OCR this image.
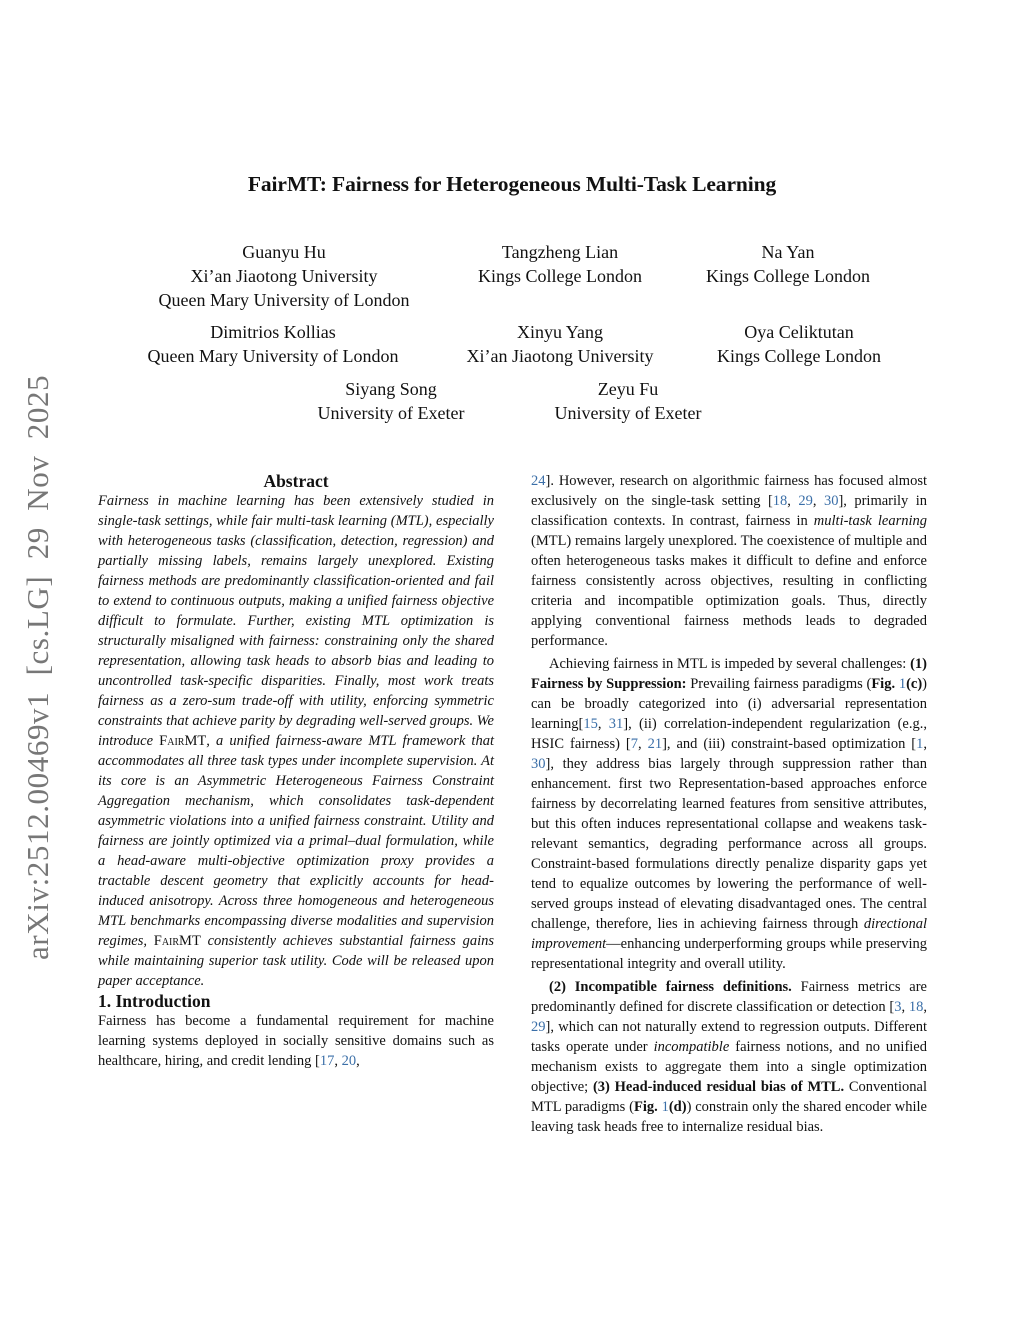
arXiv:2512.00469v1 [cs.LG] 29 Nov 2025
FairMT: Fairness for Heterogeneous Multi-Task Learning
Guanyu Hu
Xi’an Jiaotong University
Queen Mary University of London
Tangzheng Lian
Kings College London
Na Yan
Kings College London
Dimitrios Kollias
Queen Mary University of London
Xinyu Yang
Xi’an Jiaotong University
Oya Celiktutan
Kings College London
Siyang Song
University of Exeter
Zeyu Fu
University of Exeter

Abstract

Fairness in machine learning has been extensively studied in single-task settings, while fair multi-task learning (MTL), especially with heterogeneous tasks (classification, detection, regression) and partially missing labels, remains largely unexplored. Existing fairness methods are predominantly classification-oriented and fail to extend to continuous outputs, making a unified fairness objective difficult to formulate. Further, existing MTL optimization is structurally misaligned with fairness: constraining only the shared representation, allowing task heads to absorb bias and leading to uncontrolled task-specific disparities. Finally, most work treats fairness as a zero-sum trade-off with utility, enforcing symmetric constraints that achieve parity by degrading well-served groups. We introduce FairMT, a unified fairness-aware MTL framework that accommodates all three task types under incomplete supervision. At its core is an Asymmetric Heterogeneous Fairness Constraint Aggregation mechanism, which consolidates task-dependent asymmetric violations into a unified fairness constraint. Utility and fairness are jointly optimized via a primal–dual formulation, while a head-aware multi-objective optimization proxy provides a tractable descent geometry that explicitly accounts for head-induced anisotropy. Across three homogeneous and heterogeneous MTL benchmarks encompassing diverse modalities and supervision regimes, FairMT consistently achieves substantial fairness gains while maintaining superior task utility. Code will be released upon paper acceptance.

1. Introduction

Fairness has become a fundamental requirement for machine learning systems deployed in socially sensitive domains such as healthcare, hiring, and credit lending [17, 20,

24]. However, research on algorithmic fairness has focused almost exclusively on the single-task setting [18, 29, 30], primarily in classification contexts. In contrast, fairness in multi-task learning (MTL) remains largely unexplored. The coexistence of multiple and often heterogeneous tasks makes it difficult to define and enforce fairness consistently across objectives, resulting in conflicting criteria and incompatible optimization goals. Thus, directly applying conventional fairness methods leads to degraded performance.

Achieving fairness in MTL is impeded by several challenges: (1) Fairness by Suppression: Prevailing fairness paradigms (Fig. 1(c)) can be broadly categorized into (i) adversarial representation learning[15, 31], (ii) correlation-independent regularization (e.g., HSIC fairness) [7, 21], and (iii) constraint-based optimization [1, 30], they address bias largely through suppression rather than enhancement. first two Representation-based approaches enforce fairness by decorrelating learned features from sensitive attributes, but this often induces representational collapse and weakens task-relevant semantics, degrading performance across all groups. Constraint-based formulations directly penalize disparity gaps yet tend to equalize outcomes by lowering the performance of well-served groups instead of elevating disadvantaged ones. The central challenge, therefore, lies in achieving fairness through directional improvement—enhancing underperforming groups while preserving representational integrity and overall utility.

(2) Incompatible fairness definitions. Fairness metrics are predominantly defined for discrete classification or detection [3, 18, 29], which can not naturally extend to regression outputs. Different tasks operate under incompatible fairness notions, and no unified mechanism exists to aggregate them into a single optimization objective; (3) Head-induced residual bias of MTL. Conventional MTL paradigms (Fig. 1(d)) constrain only the shared encoder while leaving task heads free to internalize residual bias.
